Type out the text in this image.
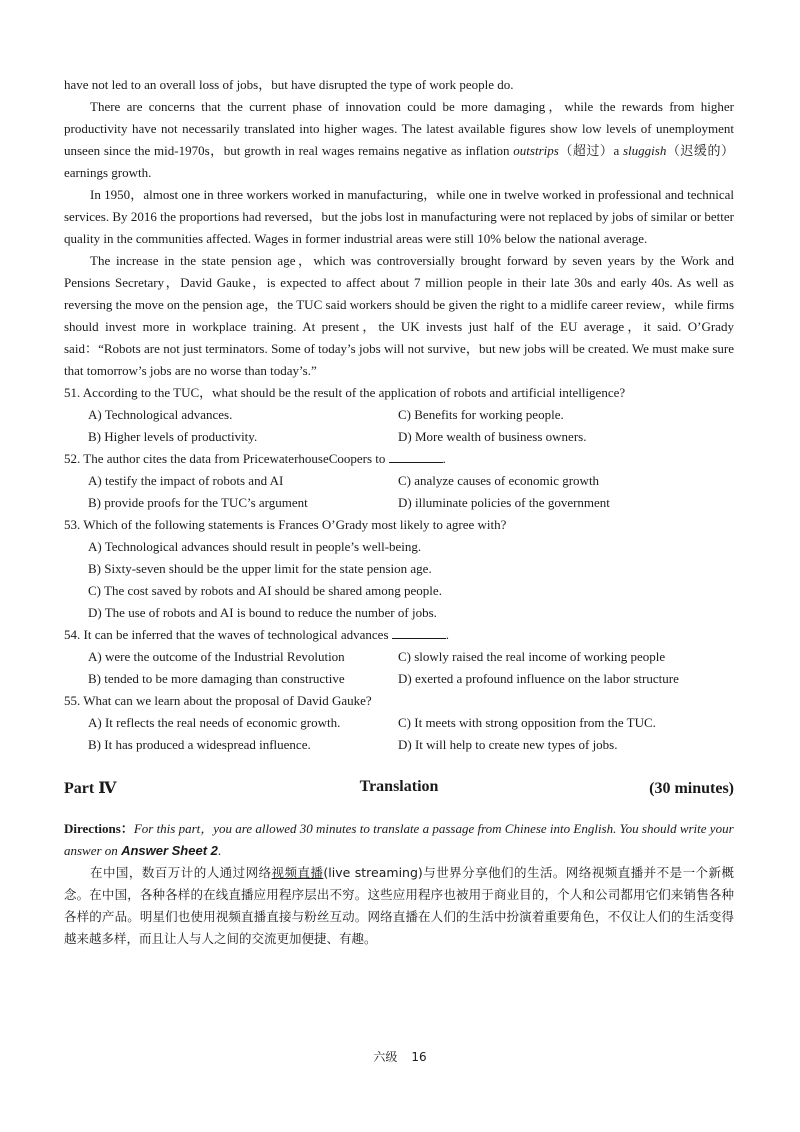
have not led to an overall loss of jobs，but have disrupted the type of work people do.

There are concerns that the current phase of innovation could be more damaging，while the rewards from higher productivity have not necessarily translated into higher wages. The latest available figures show low levels of unemployment unseen since the mid-1970s，but growth in real wages remains negative as inflation outstrips（超过）a sluggish（迟缓的）earnings growth.

In 1950，almost one in three workers worked in manufacturing，while one in twelve worked in professional and technical services. By 2016 the proportions had reversed，but the jobs lost in manufacturing were not replaced by jobs of similar or better quality in the communities affected. Wages in former industrial areas were still 10% below the national average.

The increase in the state pension age，which was controversially brought forward by seven years by the Work and Pensions Secretary，David Gauke，is expected to affect about 7 million people in their late 30s and early 40s. As well as reversing the move on the pension age，the TUC said workers should be given the right to a midlife career review，while firms should invest more in workplace training. At present，the UK invests just half of the EU average，it said. O’Grady said：“Robots are not just terminators. Some of today’s jobs will not survive，but new jobs will be created. We must make sure that tomorrow’s jobs are no worse than today’s.”

51. According to the TUC，what should be the result of the application of robots and artificial intelligence?
A) Technological advances.	C) Benefits for working people.
B) Higher levels of productivity.	D) More wealth of business owners.
52. The author cites the data from PricewaterhouseCoopers to	.
A) testify the impact of robots and AI	C) analyze causes of economic growth
B) provide proofs for the TUC’s argument	D) illuminate policies of the government
53. Which of the following statements is Frances O’Grady most likely to agree with?
A) Technological advances should result in people’s well-being.
B) Sixty-seven should be the upper limit for the state pension age.
C) The cost saved by robots and AI should be shared among people.
D) The use of robots and AI is bound to reduce the number of jobs.
54. It can be inferred that the waves of technological advances	.
A) were the outcome of the Industrial Revolution	C) slowly raised the real income of working people
B) tended to be more damaging than constructive	D) exerted a profound influence on the labor structure
55. What can we learn about the proposal of David Gauke?
A) It reflects the real needs of economic growth.	C) It meets with strong opposition from the TUC.
B) It has produced a widespread influence.	D) It will help to create new types of jobs.
Part Ⅳ	Translation	(30 minutes)
Directions：For this part，you are allowed 30 minutes to translate a passage from Chinese into English. You should write your answer on Answer Sheet 2.

在中国，数百万计的人通过网络视频直播(live streaming)与世界分享他们的生活。网络视频直播并不是一个新概念。在中国，各种各样的在线直播应用程序层出不穷。这些应用程序也被用于商业目的，个人和公司都用它们来销售各种各样的产品。明星们也使用视频直播直接与粉丝互动。网络直播在人们的生活中扮演着重要角色，不仅让人们的生活变得越来越多样，而且让人与人之间的交流更加便捷、有趣。

六级 16
